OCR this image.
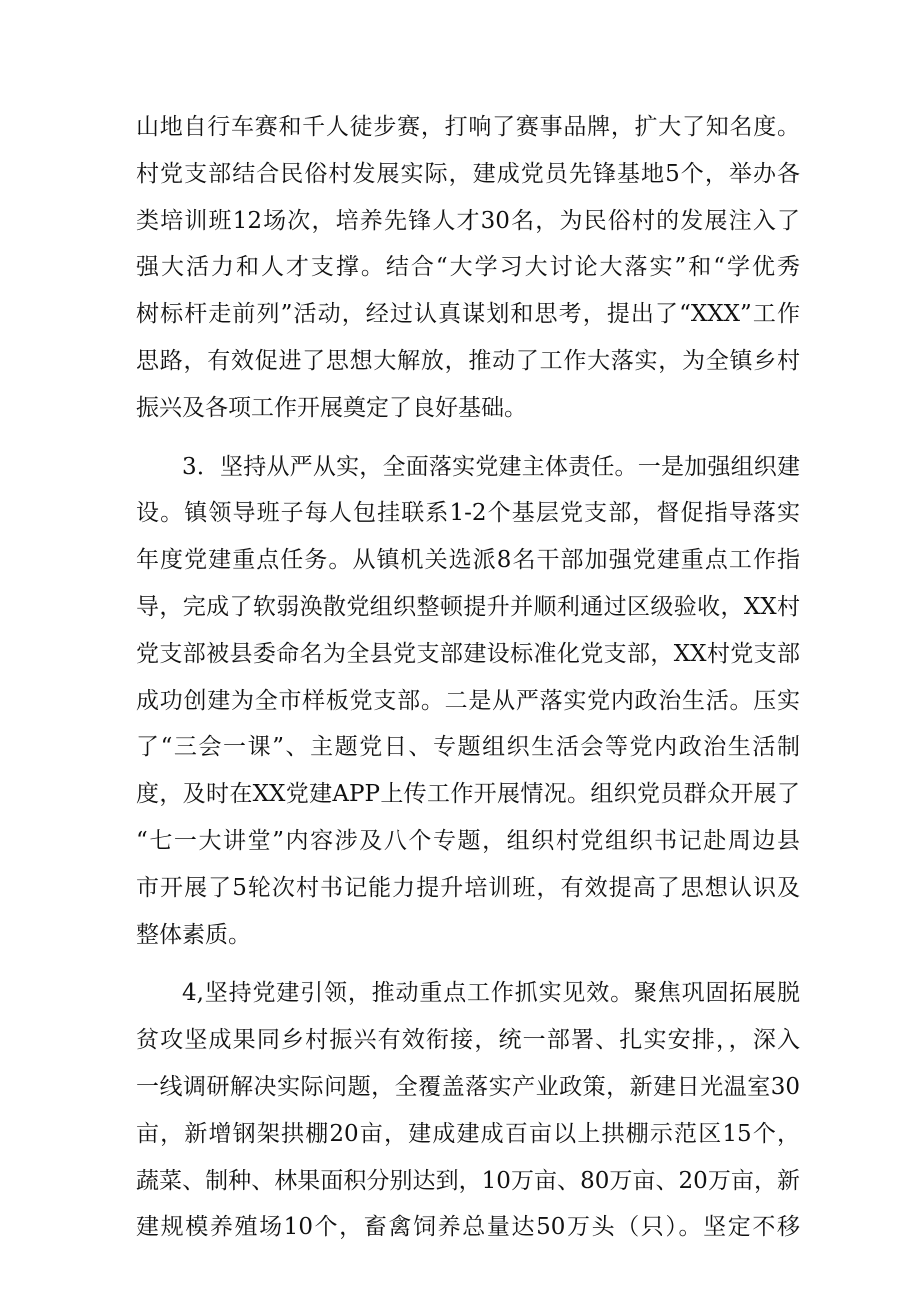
山地自行车赛和千人徒步赛，打响了赛事品牌，扩大了知名度。
村党支部结合民俗村发展实际，建成党员先锋基地5个，举办各
类培训班12场次，培养先锋人才30名，为民俗村的发展注入了
强大活力和人才支撑。结合“大学习大讨论大落实”和“学优秀
树标杆走前列”活动，经过认真谋划和思考，提出了“XXX”工作
思路，有效促进了思想大解放，推动了工作大落实，为全镇乡村
振兴及各项工作开展奠定了良好基础。
3．坚持从严从实，全面落实党建主体责任。一是加强组织建
设。镇领导班子每人包挂联系1-2个基层党支部，督促指导落实
年度党建重点任务。从镇机关选派8名干部加强党建重点工作指
导，完成了软弱涣散党组织整顿提升并顺利通过区级验收，XX村
党支部被县委命名为全县党支部建设标准化党支部，XX村党支部
成功创建为全市样板党支部。二是从严落实党内政治生活。压实
了“三会一课”、主题党日、专题组织生活会等党内政治生活制
度，及时在XX党建APP上传工作开展情况。组织党员群众开展了
“七一大讲堂”内容涉及八个专题，组织村党组织书记赴周边县
市开展了5轮次村书记能力提升培训班，有效提高了思想认识及
整体素质。
4,坚持党建引领，推动重点工作抓实见效。聚焦巩固拓展脱
贫攻坚成果同乡村振兴有效衔接，统一部署、扎实安排，，深入
一线调研解决实际问题，全覆盖落实产业政策，新建日光温室30
亩，新增钢架拱棚20亩，建成建成百亩以上拱棚示范区15个，
蔬菜、制种、林果面积分别达到，10万亩、80万亩、20万亩，新
建规模养殖场10个，畜禽饲养总量达50万头（只）。坚定不移
